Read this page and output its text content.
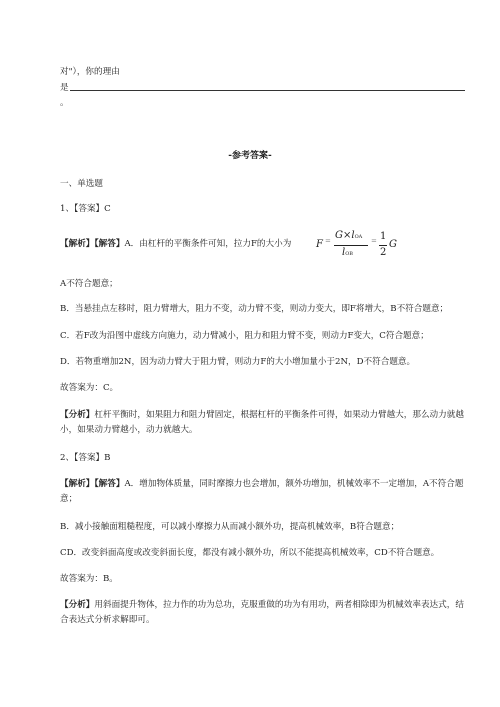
对"），你的理由
是
。
-参考答案-
一、单选题
1、【答案】C
【解析】【解答】A．由杠杆的平衡条件可知，拉力F的大小为 F = G×lOA
lOB
= 1
2
G
A不符合题意；
B．当悬挂点左移时，阻力臂增大，阻力不变，动力臂不变，则动力变大，即F将增大，B不符合题意；
C．若F改为沿图中虚线方向施力，动力臂减小，阻力和阻力臂不变，则动力F变大，C符合题意；
D．若物重增加2N，因为动力臂大于阻力臂，则动力F的大小增加量小于2N，D不符合题意。
故答案为：C。
【分析】杠杆平衡时，如果阻力和阻力臂固定，根据杠杆的平衡条件可得，如果动力臂越大，那么动力就越小，如果动力臂越小，动力就越大。
2、【答案】B
【解析】【解答】A．增加物体质量，同时摩擦力也会增加，额外功增加，机械效率不一定增加，A不符合题意；
B．减小接触面粗糙程度，可以减小摩擦力从而减小额外功，提高机械效率，B符合题意；
CD．改变斜面高度或改变斜面长度，都没有减小额外功，所以不能提高机械效率，CD不符合题意。
故答案为：B。
【分析】用斜面提升物体，拉力作的功为总功，克服重做的功为有用功，两者相除即为机械效率表达式，结合表达式分析求解即可。
